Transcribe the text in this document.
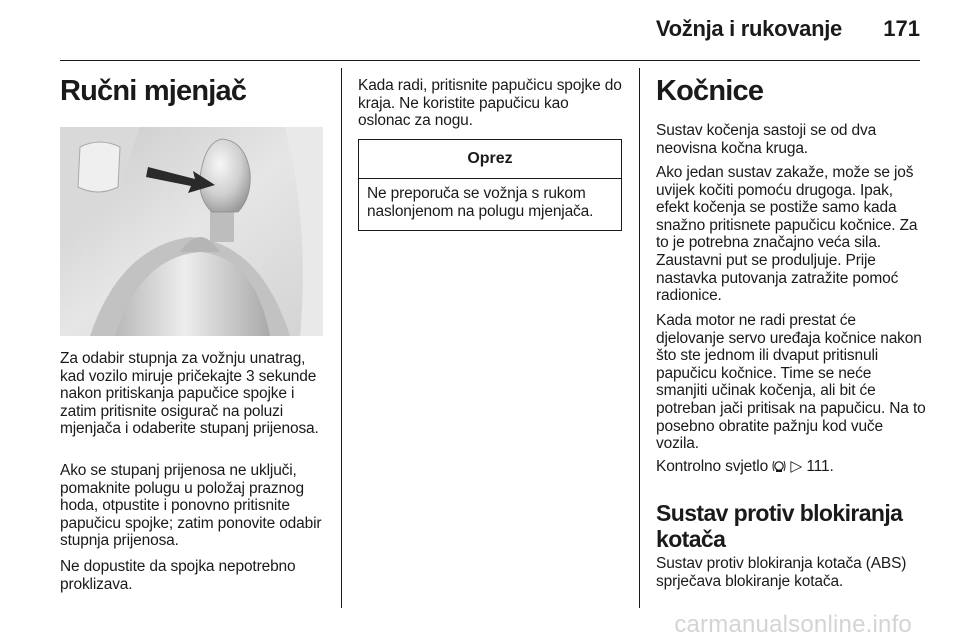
Vožnja i rukovanje 171
Ručni mjenjač

Za odabir stupnja za vožnju unatrag, kad vozilo miruje pričekajte 3 sekunde nakon pritiskanja papučice spojke i zatim pritisnite osigurač na poluzi mjenjača i odaberite stupanj prijenosa.

Ako se stupanj prijenosa ne uključi, pomaknite polugu u položaj praznog hoda, otpustite i ponovno pritisnite papučicu spojke; zatim ponovite odabir stupnja prijenosa.

Ne dopustite da spojka nepotrebno proklizava.

Kada radi, pritisnite papučicu spojke do kraja. Ne koristite papučicu kao oslonac za nogu.

Oprez
Ne preporuča se vožnja s rukom naslonjenom na polugu mjenjača.
Kočnice

Sustav kočenja sastoji se od dva neovisna kočna kruga.

Ako jedan sustav zakaže, može se još uvijek kočiti pomoću drugoga. Ipak, efekt kočenja se postiže samo kada snažno pritisnete papučicu kočnice. Za to je potrebna značajno veća sila. Zaustavni put se produljuje. Prije nastavka putovanja zatražite pomoć radionice.

Kada motor ne radi prestat će djelovanje servo uređaja kočnice nakon što ste jednom ili dvaput pritisnuli papučicu kočnice. Time se neće smanjiti učinak kočenja, ali bit će potreban jači pritisak na papučicu. Na to posebno obratite pažnju kod vuče vozila.

Kontrolno svjetlo ▷ 111.

Sustav protiv blokiranja kotača

Sustav protiv blokiranja kotača (ABS) sprječava blokiranje kotača.

carmanualsonline.info
